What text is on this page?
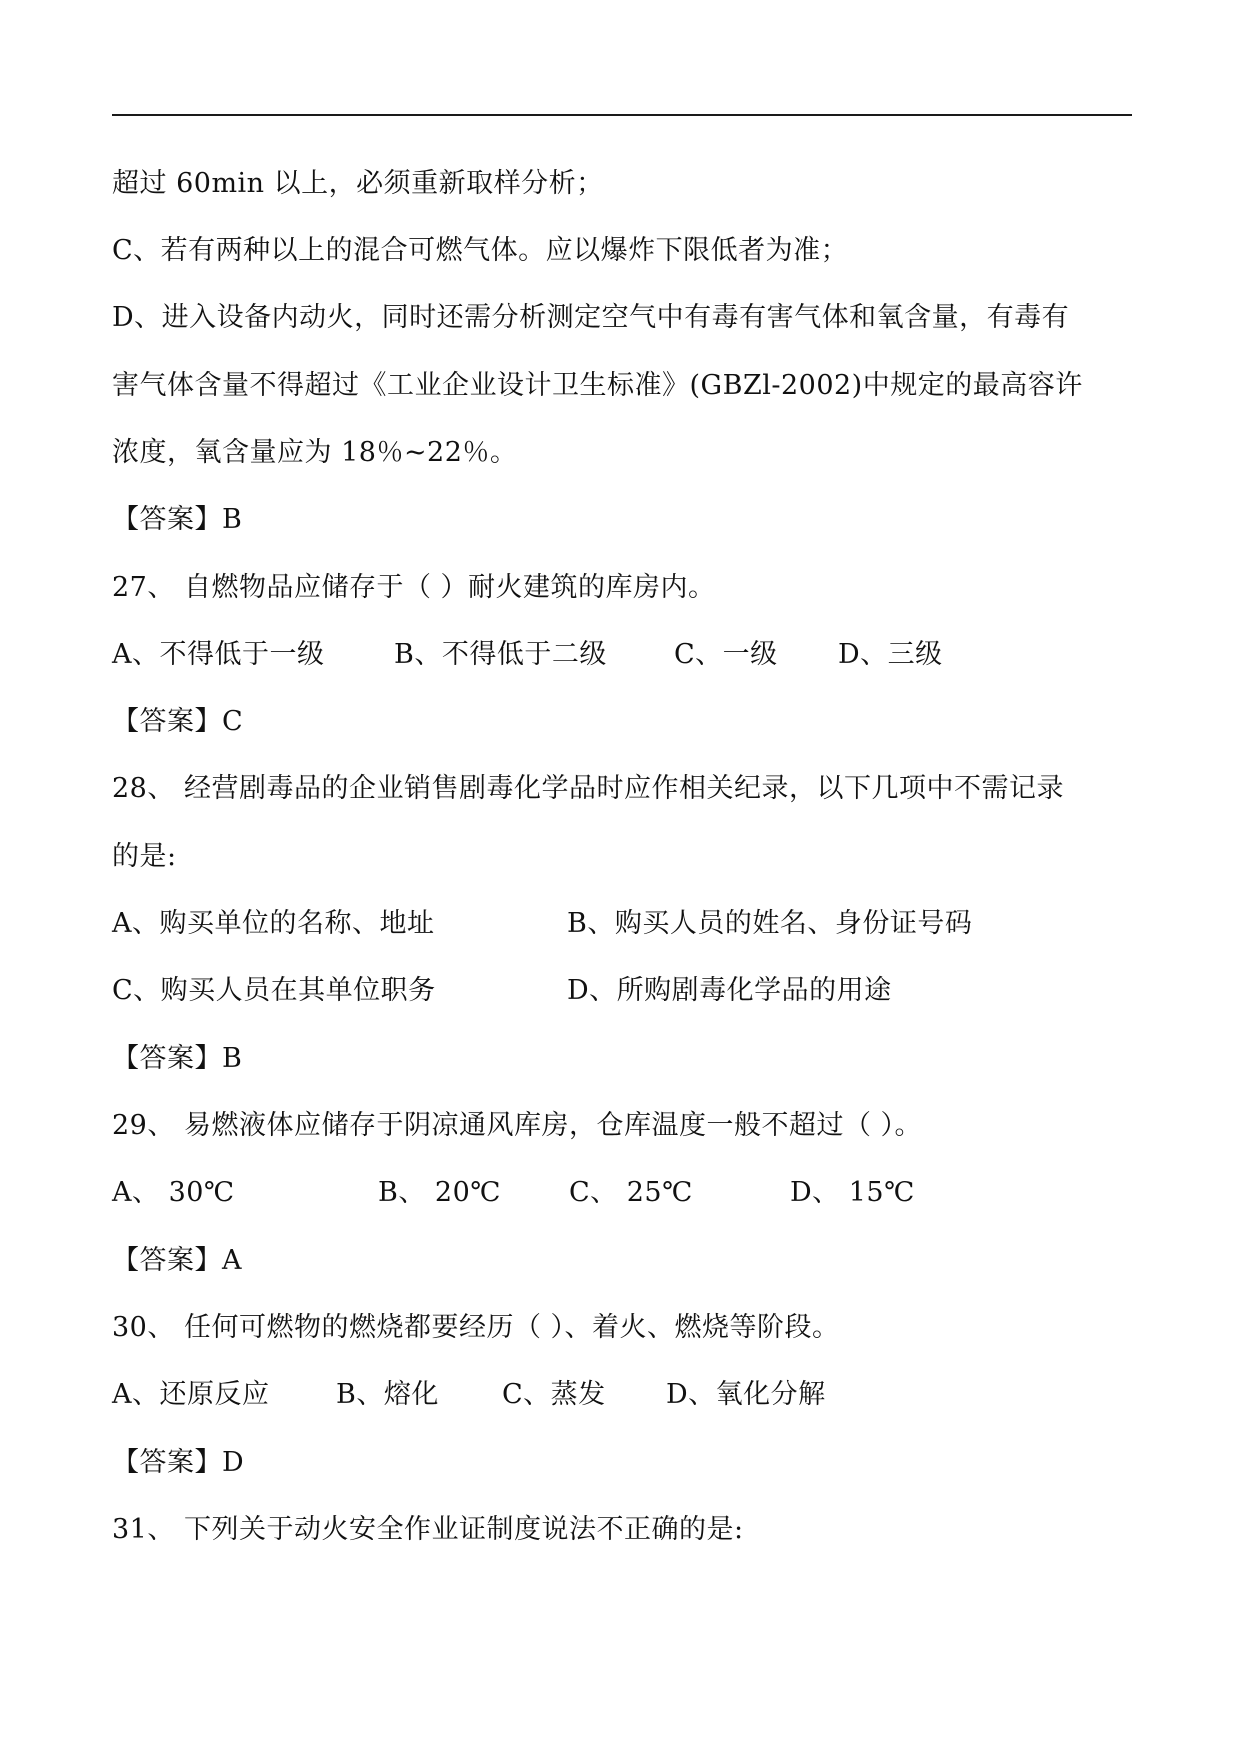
超过 60min 以上，必须重新取样分析；
C、若有两种以上的混合可燃气体。应以爆炸下限低者为准；
D、进入设备内动火，同时还需分析测定空气中有毒有害气体和氧含量，有毒有
害气体含量不得超过《工业企业设计卫生标准》(GBZl-2002)中规定的最高容许
浓度，氧含量应为 18％~22％。
【答案】B
27、 自燃物品应储存于（ ）耐火建筑的库房内。
A、不得低于一级	B、不得低于二级 C、一级 D、三级
【答案】C
28、 经营剧毒品的企业销售剧毒化学品时应作相关纪录，以下几项中不需记录
的是:
A、购买单位的名称、地址	B、购买人员的姓名、身份证号码
C、购买人员在其单位职务	D、所购剧毒化学品的用途
【答案】B
29、 易燃液体应储存于阴凉通风库房，仓库温度一般不超过（ ）。
A、 30℃	B、 20℃	C、 25℃	D、 15℃
【答案】A
30、 任何可燃物的燃烧都要经历（ ）、着火、燃烧等阶段。
A、还原反应 B、熔化 C、蒸发 D、氧化分解
【答案】D
31、 下列关于动火安全作业证制度说法不正确的是:
